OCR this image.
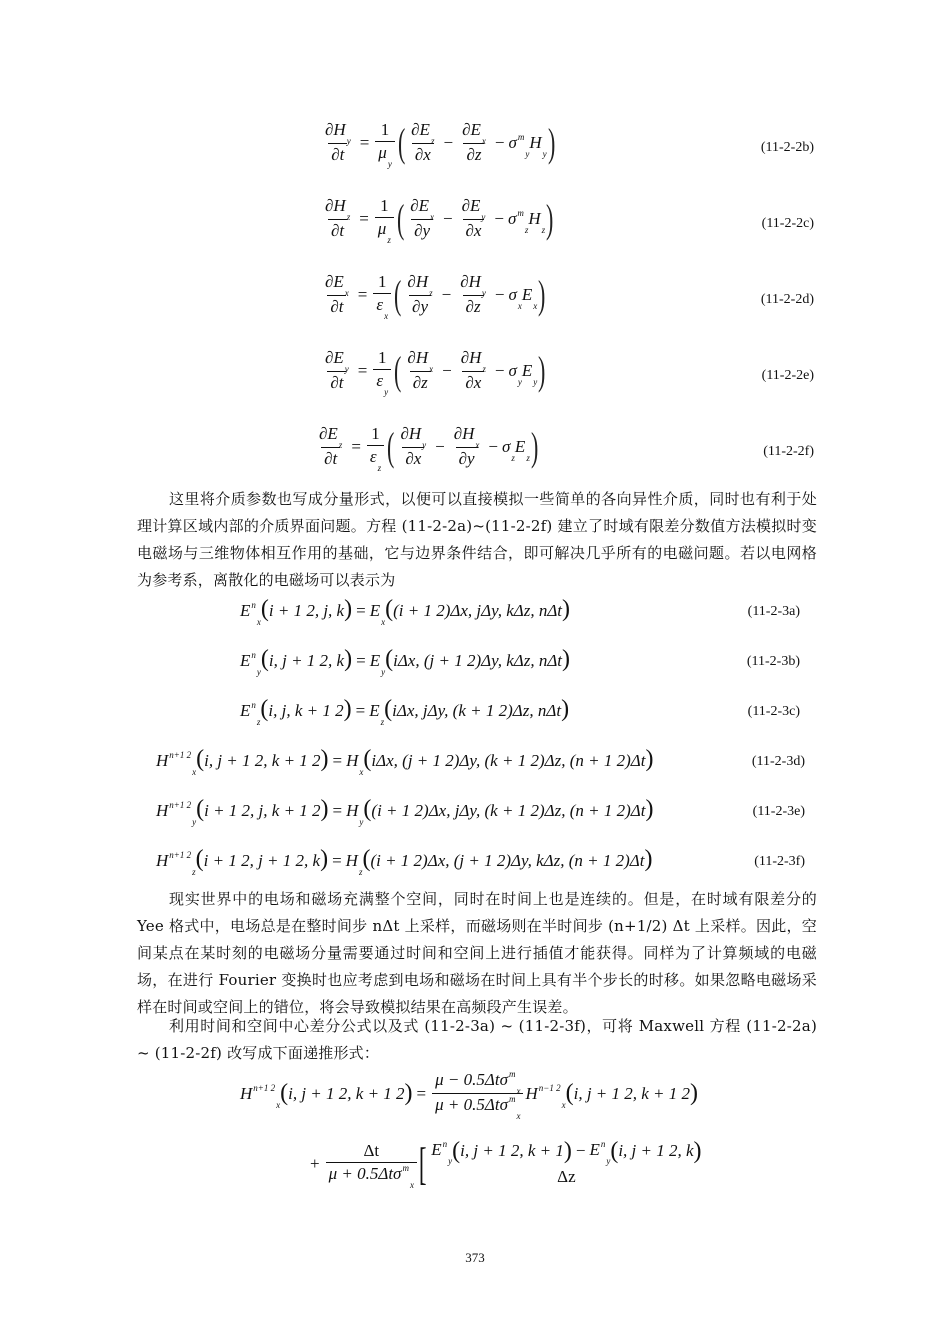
$\frac{\partial H_y}{\partial t} = \frac{1}{\mu_y}$ ( $\frac{\partial E_z}{\partial x} - \frac{\partial E_x}{\partial z} - \sigma^m_y$
$H_y$ )	(11-2-2b)
$\frac{\partial H_z}{\partial t} = \frac{1}{\mu_z}$ ( $\frac{\partial E_x}{\partial y} - \frac{\partial E_y}{\partial x} - \sigma^m_z$
$H_z$ )	(11-2-2c)
$\frac{\partial E_x}{\partial t} = \frac{1}{\varepsilon_x}$ ( $\frac{\partial H_z}{\partial y} - \frac{\partial H_y}{\partial z} - \sigma_x$
$E_x$ )	(11-2-2d)
$\frac{\partial E_y}{\partial t} = \frac{1}{\varepsilon_y}$ ( $\frac{\partial H_x}{\partial z} - \frac{\partial H_z}{\partial x} - \sigma_y$
$E_y$ )	(11-2-2e)
$\frac{\partial E_z}{\partial t} = \frac{1}{\varepsilon_z}$ ( $\frac{\partial H_y}{\partial x} - \frac{\partial H_x}{\partial y} - \sigma_z$
$E_z$ )	(11-2-2f)
这里将介质参数也写成分量形式，以便可以直接模拟一些简单的各向异性介质，同时也有利于处理计算区域内部的介质界面问题。方程 (11-2-2a)~(11-2-2f) 建立了时域有限差分数值方法模拟时变电磁场与三维物体相互作用的基础，它与边界条件结合，即可解决几乎所有的电磁问题。若以电网格为参考系，离散化的电磁场可以表示为
$E^n_x(i + 1$ 2, j, $k) = E_x((i + 1$ 2)Δx, jΔy, kΔz, nΔt)	(11-2-3a)
$E^n_y(i$, j + 1 2, $k) = E_y(i\Delta x$, (j + 1 2)Δy, kΔz, nΔt)	(11-2-3b)
$E^n_z(i$, j, k + 1 $2) = E_z(i\Delta x$, jΔy, (k + 1 2)Δz, nΔt)	(11-2-3c)
$H^{n+1 2}_x(i$, j + 1 2, k + 1 $2) = H_x(i\Delta x$, (j + 1 2)Δy, (k + 1 2)Δz, (n + 1 2)Δt)	(11-2-3d)
$H^{n+1 2}_y(i + 1$ 2, j, k + 1 $2) = H_y((i + 1$ 2)Δx, jΔy, (k + 1 2)Δz, (n + 1 2)Δt)	(11-2-3e)
$H^{n+1 2}_z(i + 1$ 2, j + 1 2, $k) = H_z((i + 1$ 2)Δx, (j + 1 2)Δy, kΔz, (n + 1 2)Δt)	(11-2-3f)
现实世界中的电场和磁场充满整个空间，同时在时间上也是连续的。但是，在时域有限差分的 Yee 格式中，电场总是在整时间步 nΔt 上采样，而磁场则在半时间步 (n+1/2) Δt 上采样。因此，空间某点在某时刻的电磁场分量需要通过时间和空间上进行插值才能获得。同样为了计算频域的电磁场，在进行 Fourier 变换时也应考虑到电场和磁场在时间上具有半个步长的时移。如果忽略电磁场采样在时间或空间上的错位，将会导致模拟结果在高频段产生误差。
利用时间和空间中心差分公式以及式 (11-2-3a) ~ (11-2-3f)，可将 Maxwell 方程 (11-2-2a) ~ (11-2-2f) 改写成下面递推形式：
$H^{n+1 2}_x$ ( i, j + 1 2, k + 1 2 ) = $\frac{\mu - 0.5\Delta t\sigma^m_x}{\mu + 0.5\Delta t\sigma^m_x} H^{n-1 2}_x$ ( i, j + 1 2, k + 1 2 )
+ $\frac{\Delta t}{\mu + 0.5\Delta t\sigma^m_x}$ [ $E^n_y$ ( i, j + 1 2, k + 1 ) − $E^n_y$ ( i, j + 1 2, k )
Δz
373
